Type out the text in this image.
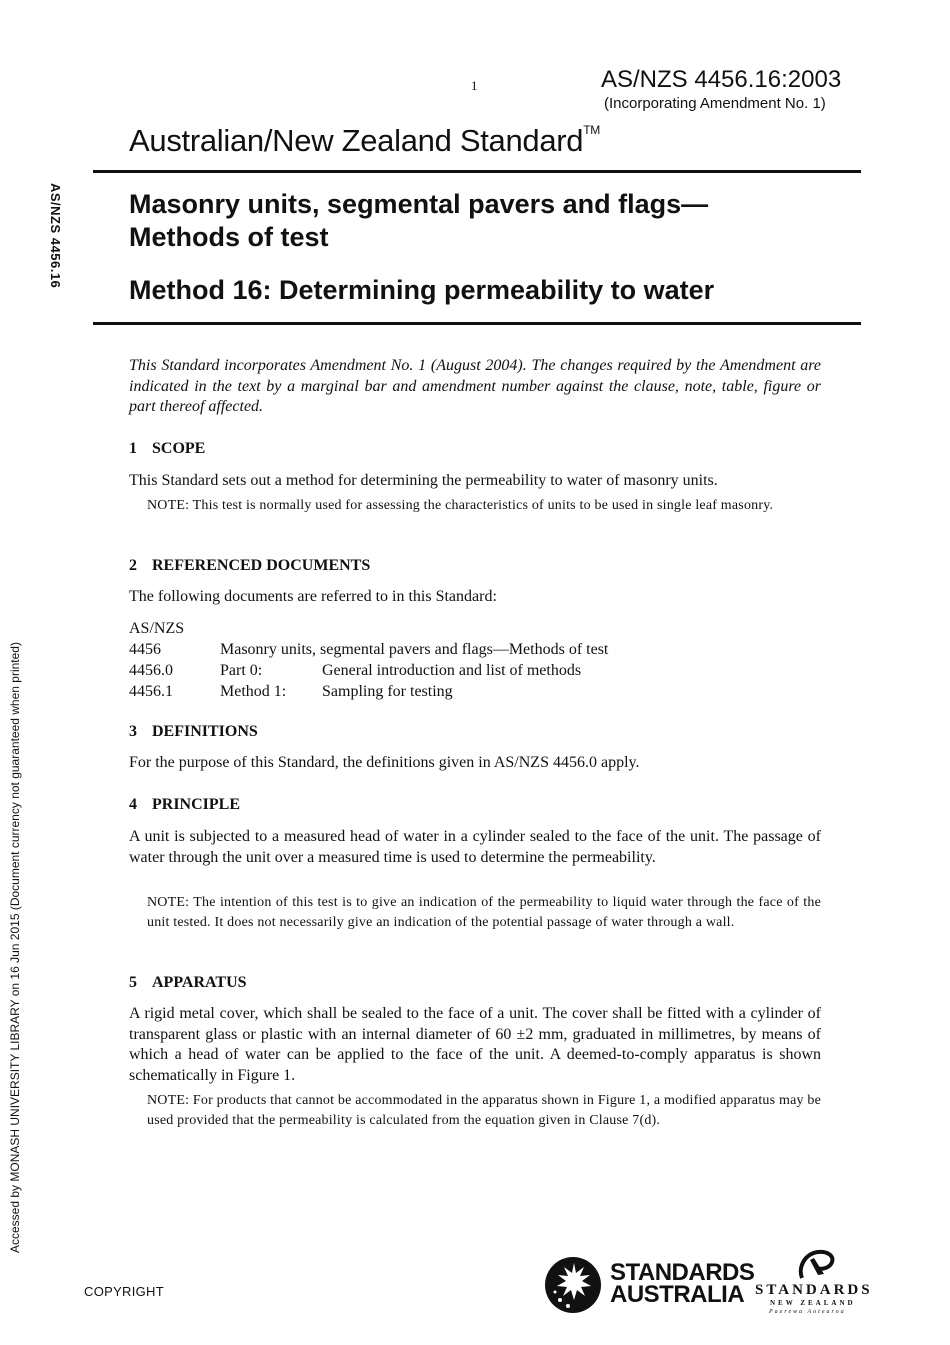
1	AS/NZS 4456.16:2003
(Incorporating Amendment No. 1)
Australian/New Zealand Standard™
Masonry units, segmental pavers and flags—
Methods of test
Method 16: Determining permeability to water
AS/NZS 4456.16
Accessed by MONASH UNIVERSITY LIBRARY on 16 Jun 2015 (Document currency not guaranteed when printed)
This Standard incorporates Amendment No. 1 (August 2004). The changes required by the Amendment are indicated in the text by a marginal bar and amendment number against the clause, note, table, figure or part thereof affected.
1 SCOPE
This Standard sets out a method for determining the permeability to water of masonry units.
NOTE: This test is normally used for assessing the characteristics of units to be used in single leaf masonry.
2 REFERENCED DOCUMENTS
The following documents are referred to in this Standard:
AS/NZS
4456	Masonry units, segmental pavers and flags—Methods of test
4456.0	Part 0:	General introduction and list of methods
4456.1	Method 1:	Sampling for testing
3 DEFINITIONS
For the purpose of this Standard, the definitions given in AS/NZS 4456.0 apply.
4 PRINCIPLE
A unit is subjected to a measured head of water in a cylinder sealed to the face of the unit. The passage of water through the unit over a measured time is used to determine the permeability.
NOTE: The intention of this test is to give an indication of the permeability to liquid water through the face of the unit tested. It does not necessarily give an indication of the potential passage of water through a wall.
5 APPARATUS
A rigid metal cover, which shall be sealed to the face of a unit. The cover shall be fitted with a cylinder of transparent glass or plastic with an internal diameter of 60 ±2 mm, graduated in millimetres, by means of which a head of water can be applied to the face of the unit. A deemed-to-comply apparatus is shown schematically in Figure 1.
NOTE: For products that cannot be accommodated in the apparatus shown in Figure 1, a modified apparatus may be used provided that the permeability is calculated from the equation given in Clause 7(d).
COPYRIGHT
STANDARDS
AUSTRALIA STANDARDS
NEW ZEALAND
Paerewa Aotearoa
